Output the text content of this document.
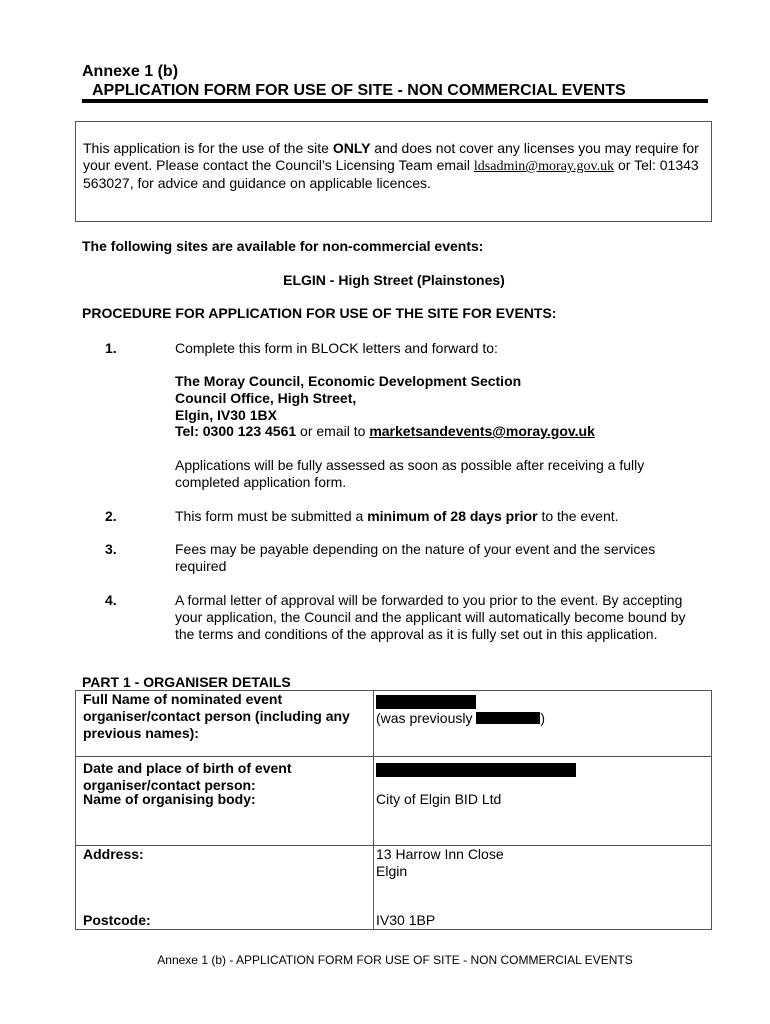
Annexe 1 (b)
APPLICATION FORM FOR USE OF SITE - NON COMMERCIAL EVENTS

This application is for the use of the site ONLY and does not cover any licenses you may require for your event. Please contact the Council’s Licensing Team email ldsadmin@moray.gov.uk or Tel: 01343 563027, for advice and guidance on applicable licences.

The following sites are available for non-commercial events:
ELGIN - High Street (Plainstones)
PROCEDURE FOR APPLICATION FOR USE OF THE SITE FOR EVENTS:
1.	Complete this form in BLOCK letters and forward to:
The Moray Council, Economic Development Section
Council Office, High Street,
Elgin, IV30 1BX
Tel: 0300 123 4561 or email to marketsandevents@moray.gov.uk
Applications will be fully assessed as soon as possible after receiving a fully completed application form.
2.	This form must be submitted a minimum of 28 days prior to the event.
3.	Fees may be payable depending on the nature of your event and the services required
4.	A formal letter of approval will be forwarded to you prior to the event. By accepting your application, the Council and the applicant will automatically become bound by the terms and conditions of the approval as it is fully set out in this application.
PART 1 - ORGANISER DETAILS
Full Name of nominated event organiser/contact person (including any previous names):
(was previously	)
Date and place of birth of event organiser/contact person:
Name of organising body:	City of Elgin BID Ltd
Address:	13 Harrow Inn Close
Elgin
Postcode:	IV30 1BP
Annexe 1 (b) - APPLICATION FORM FOR USE OF SITE - NON COMMERCIAL EVENTS
